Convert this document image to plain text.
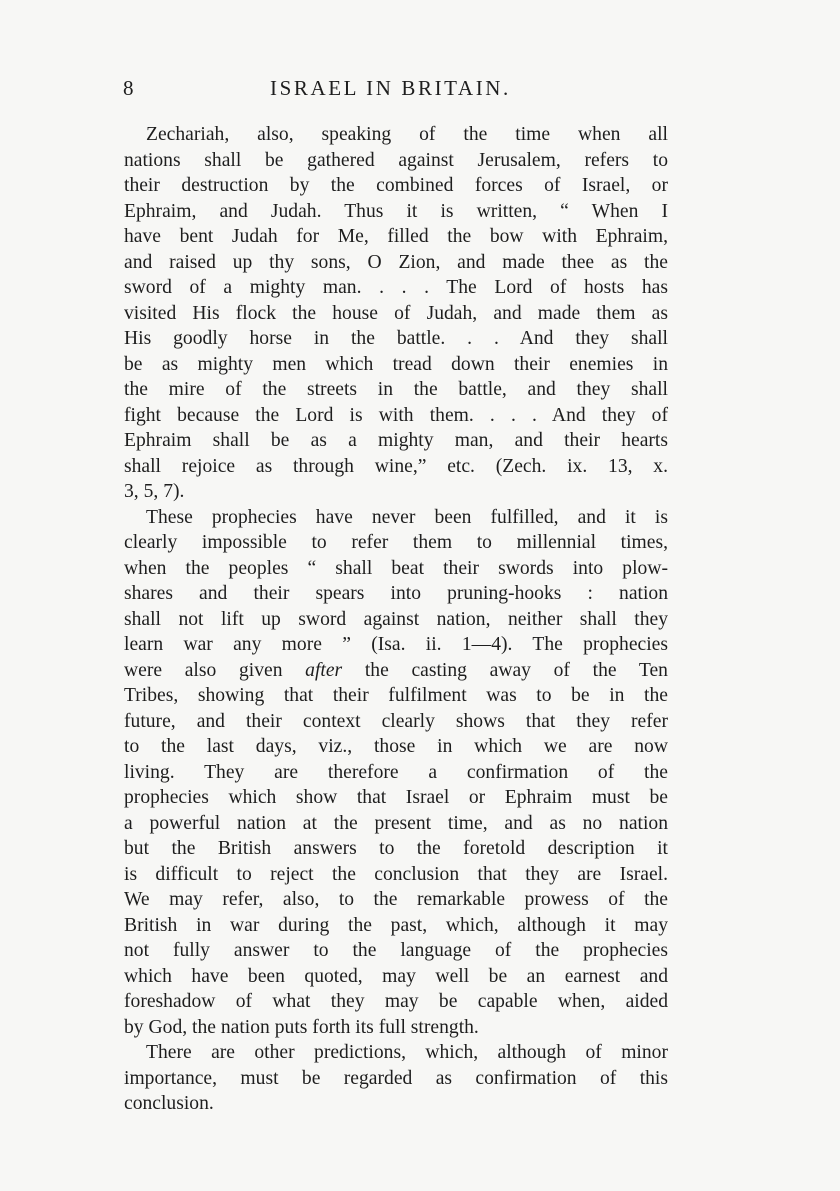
8	ISRAEL IN BRITAIN.
Zechariah, also, speaking of the time when all
nations shall be gathered against Jerusalem, refers to
their destruction by the combined forces of Israel, or
Ephraim, and Judah. Thus it is written, “ When I
have bent Judah for Me, filled the bow with Ephraim,
and raised up thy sons, O Zion, and made thee as the
sword of a mighty man. . . . The Lord of hosts has
visited His flock the house of Judah, and made them as
His goodly horse in the battle. . . And they shall
be as mighty men which tread down their enemies in
the mire of the streets in the battle, and they shall
fight because the Lord is with them. . . . And they of
Ephraim shall be as a mighty man, and their hearts
shall rejoice as through wine,” etc. (Zech. ix. 13, x.
3, 5, 7).
These prophecies have never been fulfilled, and it is
clearly impossible to refer them to millennial times,
when the peoples “ shall beat their swords into plow-
shares and their spears into pruning-hooks : nation
shall not lift up sword against nation, neither shall they
learn war any more ” (Isa. ii. 1—4). The prophecies
were also given after the casting away of the Ten
Tribes, showing that their fulfilment was to be in the
future, and their context clearly shows that they refer
to the last days, viz., those in which we are now
living. They are therefore a confirmation of the
prophecies which show that Israel or Ephraim must be
a powerful nation at the present time, and as no nation
but the British answers to the foretold description it
is difficult to reject the conclusion that they are Israel.
We may refer, also, to the remarkable prowess of the
British in war during the past, which, although it may
not fully answer to the language of the prophecies
which have been quoted, may well be an earnest and
foreshadow of what they may be capable when, aided
by God, the nation puts forth its full strength.
There are other predictions, which, although of minor
importance, must be regarded as confirmation of this
conclusion.
